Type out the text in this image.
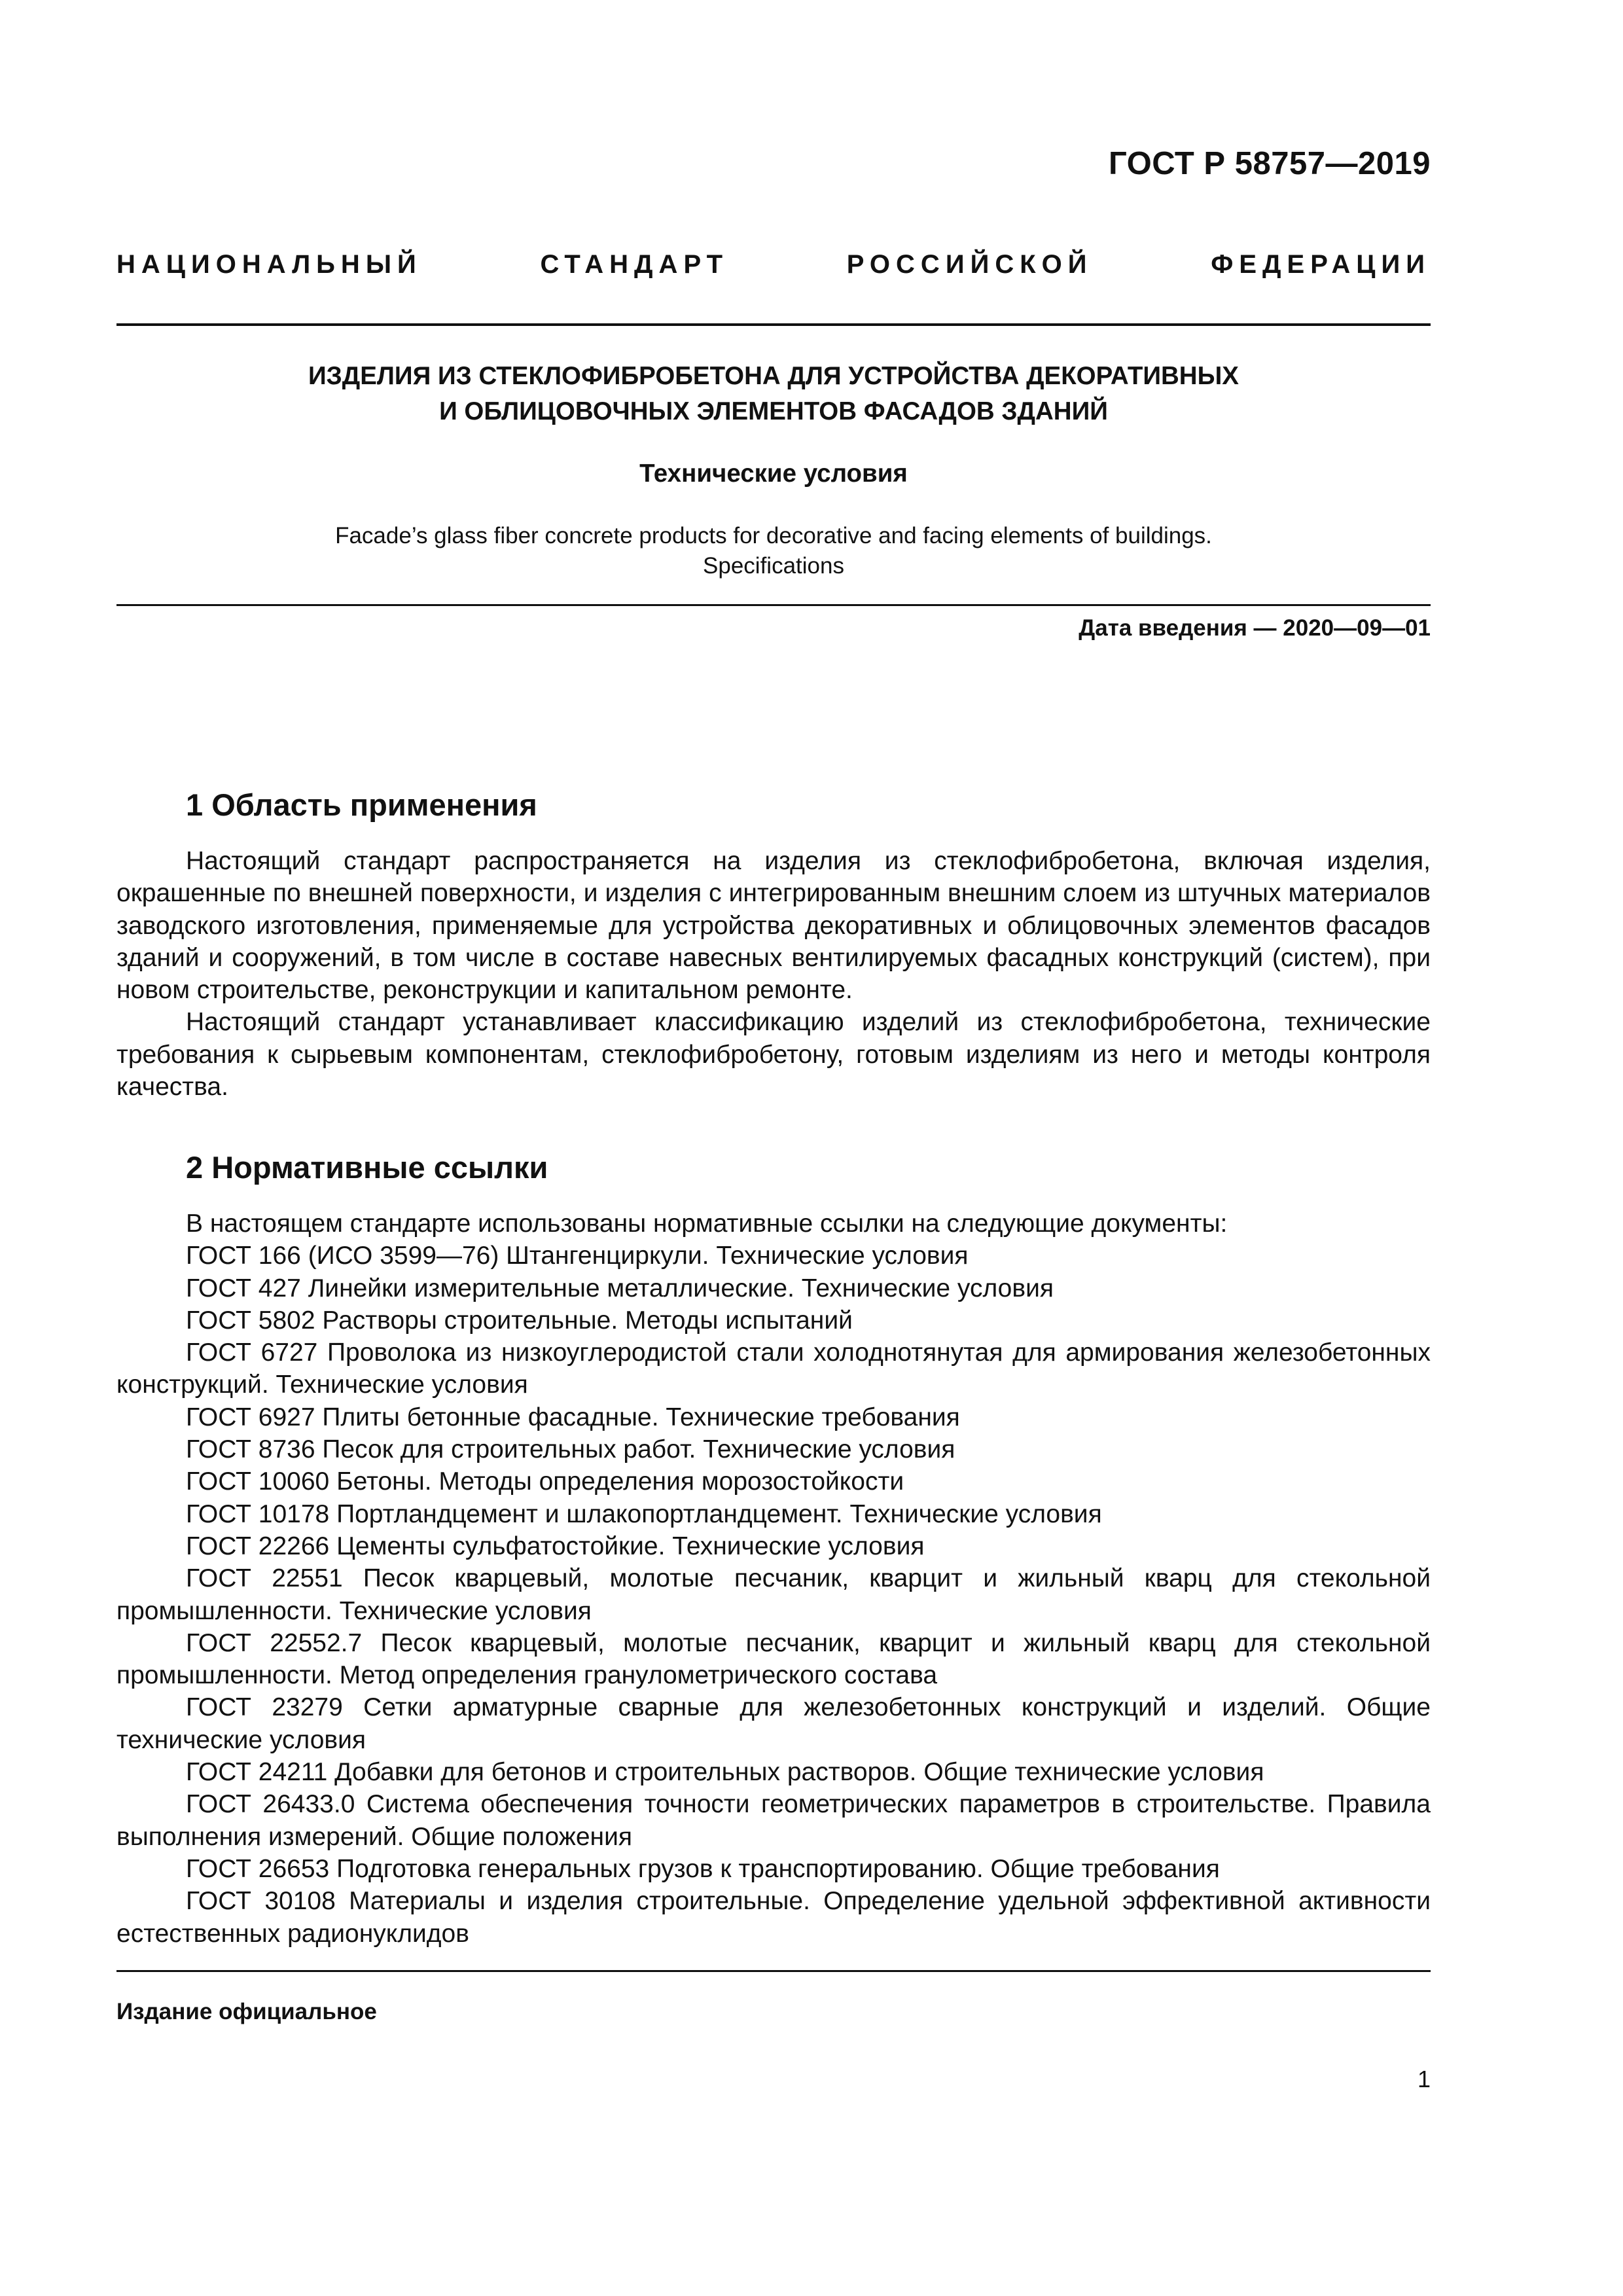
ГОСТ Р 58757—2019
НАЦИОНАЛЬНЫЙ СТАНДАРТ РОССИЙСКОЙ ФЕДЕРАЦИИ
ИЗДЕЛИЯ ИЗ СТЕКЛОФИБРОБЕТОНА ДЛЯ УСТРОЙСТВА ДЕКОРАТИВНЫХ
И ОБЛИЦОВОЧНЫХ ЭЛЕМЕНТОВ ФАСАДОВ ЗДАНИЙ
Технические условия
Facade’s glass fiber concrete products for decorative and facing elements of buildings.
Specifications
Дата введения — 2020—09—01
1 Область применения

Настоящий стандарт распространяется на изделия из стеклофибробетона, включая изделия, окрашенные по внешней поверхности, и изделия с интегрированным внешним слоем из штучных материалов заводского изготовления, применяемые для устройства декоративных и облицовочных элементов фасадов зданий и сооружений, в том числе в составе навесных вентилируемых фасадных конструкций (систем), при новом строительстве, реконструкции и капитальном ремонте.

Настоящий стандарт устанавливает классификацию изделий из стеклофибробетона, технические требования к сырьевым компонентам, стеклофибробетону, готовым изделиям из него и методы контроля качества.

2 Нормативные ссылки

В настоящем стандарте использованы нормативные ссылки на следующие документы:

ГОСТ 166 (ИСО 3599—76) Штангенциркули. Технические условия

ГОСТ 427 Линейки измерительные металлические. Технические условия

ГОСТ 5802 Растворы строительные. Методы испытаний

ГОСТ 6727 Проволока из низкоуглеродистой стали холоднотянутая для армирования железобетонных конструкций. Технические условия

ГОСТ 6927 Плиты бетонные фасадные. Технические требования

ГОСТ 8736 Песок для строительных работ. Технические условия

ГОСТ 10060 Бетоны. Методы определения морозостойкости

ГОСТ 10178 Портландцемент и шлакопортландцемент. Технические условия

ГОСТ 22266 Цементы сульфатостойкие. Технические условия

ГОСТ 22551 Песок кварцевый, молотые песчаник, кварцит и жильный кварц для стекольной промышленности. Технические условия

ГОСТ 22552.7 Песок кварцевый, молотые песчаник, кварцит и жильный кварц для стекольной промышленности. Метод определения гранулометрического состава

ГОСТ 23279 Сетки арматурные сварные для железобетонных конструкций и изделий. Общие технические условия

ГОСТ 24211 Добавки для бетонов и строительных растворов. Общие технические условия

ГОСТ 26433.0 Система обеспечения точности геометрических параметров в строительстве. Правила выполнения измерений. Общие положения

ГОСТ 26653 Подготовка генеральных грузов к транспортированию. Общие требования

ГОСТ 30108 Материалы и изделия строительные. Определение удельной эффективной активности естественных радионуклидов

Издание официальное
1
